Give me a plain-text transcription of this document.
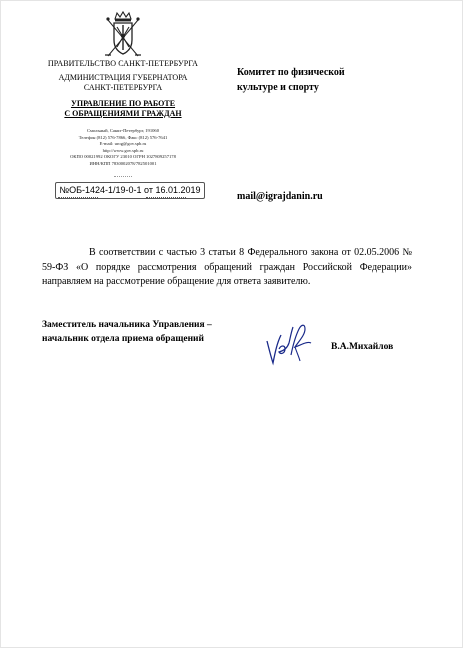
ПРАВИТЕЛЬСТВО САНКТ-ПЕТЕРБУРГА
АДМИНИСТРАЦИЯ ГУБЕРНАТОРА
САНКТ-ПЕТЕРБУРГА
УПРАВЛЕНИЕ ПО РАБОТЕ
С ОБРАЩЕНИЯМИ ГРАЖДАН
Смольный, Санкт-Петербург, 191060
Телефон (812) 576-7866, Факс (812) 576-7641
E-mail: urog@gov.spb.ru
http://www.gov.spb.ru
ОКПО 00021992 ОКОГУ 23010 ОГРН 1027809257178
ИНН/КПП 7830002078/782501001
Комитет по физической
культуре и спорту
№ОБ-1424-1/19-0-1 от 16.01.2019
mail@igrajdanin.ru
В соответствии с частью 3 статьи 8 Федерального закона от 02.05.2006 № 59-ФЗ «О порядке рассмотрения обращений граждан Российской Федерации» направляем на рассмотрение обращение для ответа заявителю.
Заместитель начальника Управления –
начальник отдела приема обращений
В.А.Михайлов
